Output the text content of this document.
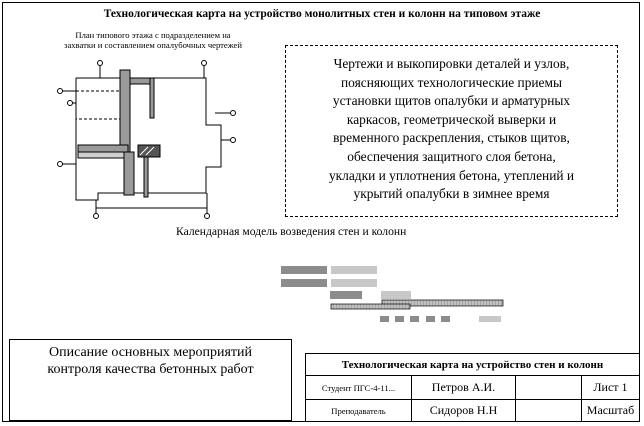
Технологическая карта на устройство монолитных стен и колонн на типовом этаже
План типового этажа с подразделением на
захватки и составлением опалубочных чертежей
Чертежи и выкопировки деталей и узлов,
поясняющих технологические приемы
установки щитов опалубки и арматурных
каркасов, геометрической выверки и
временного раскрепления, стыков щитов,
обеспечения защитного слоя бетона,
укладки и уплотнения бетона, утеплений и
укрытий опалубки в зимнее время
Календарная модель возведения стен и колонн
Описание основных мероприятий
контроля качества бетонных работ	Технологическая карта на устройство стен и колонн
Студент ПГС-4-11...	Петров А.И.	Лист 1
Преподаватель	Сидоров Н.Н	Масштаб
